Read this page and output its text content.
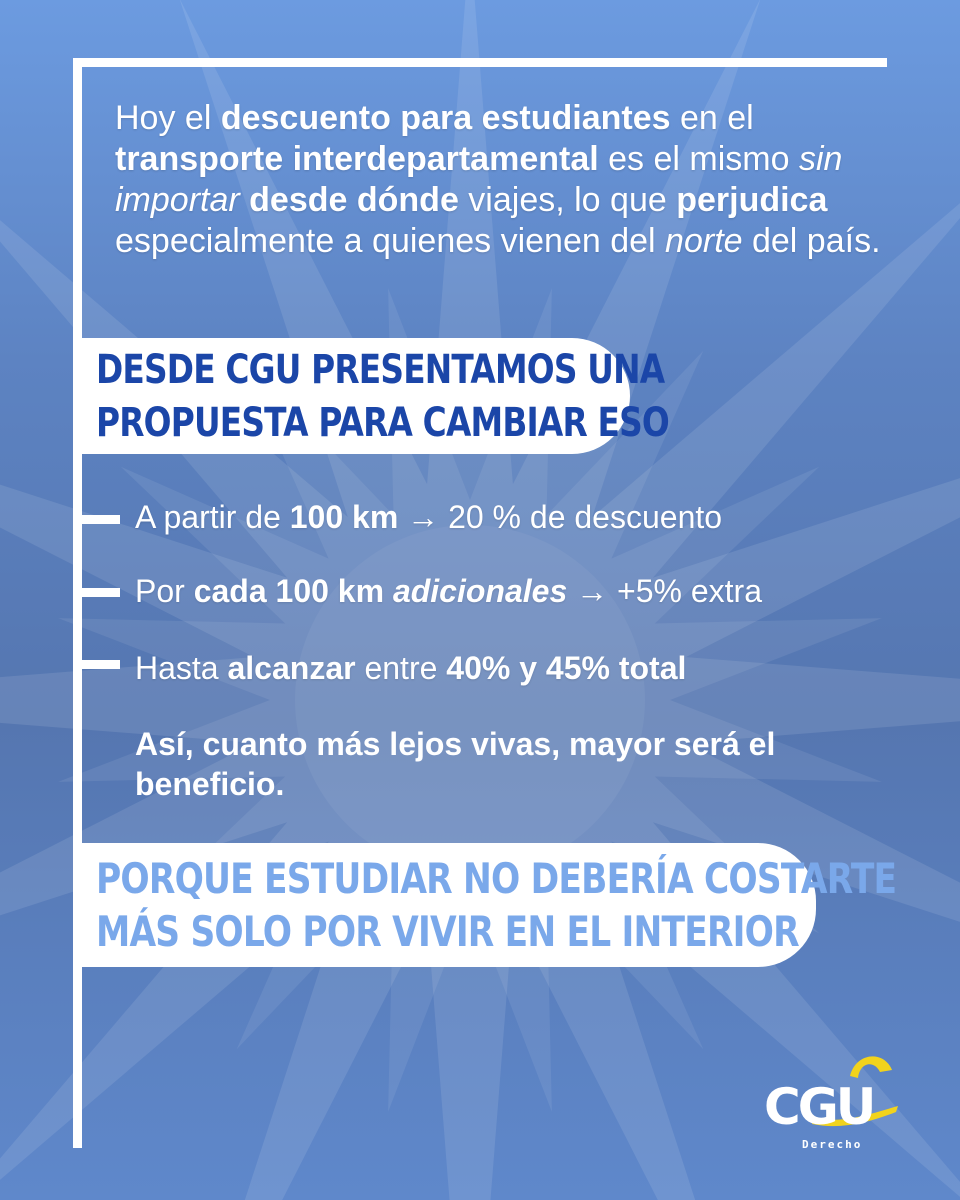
Hoy el descuento para estudiantes en el transporte interdepartamental es el mismo sin importar desde dónde viajes, lo que perjudica especialmente a quienes vienen del norte del país.
DESDE CGU PRESENTAMOS UNA
PROPUESTA PARA CAMBIAR ESO
A partir de 100 km → 20 % de descuento
Por cada 100 km adicionales → +5% extra
Hasta alcanzar entre 40% y 45% total
Así, cuanto más lejos vivas, mayor será el beneficio.
PORQUE ESTUDIAR NO DEBERÍA COSTARTE
MÁS SOLO POR VIVIR EN EL INTERIOR
CGU
Derecho
